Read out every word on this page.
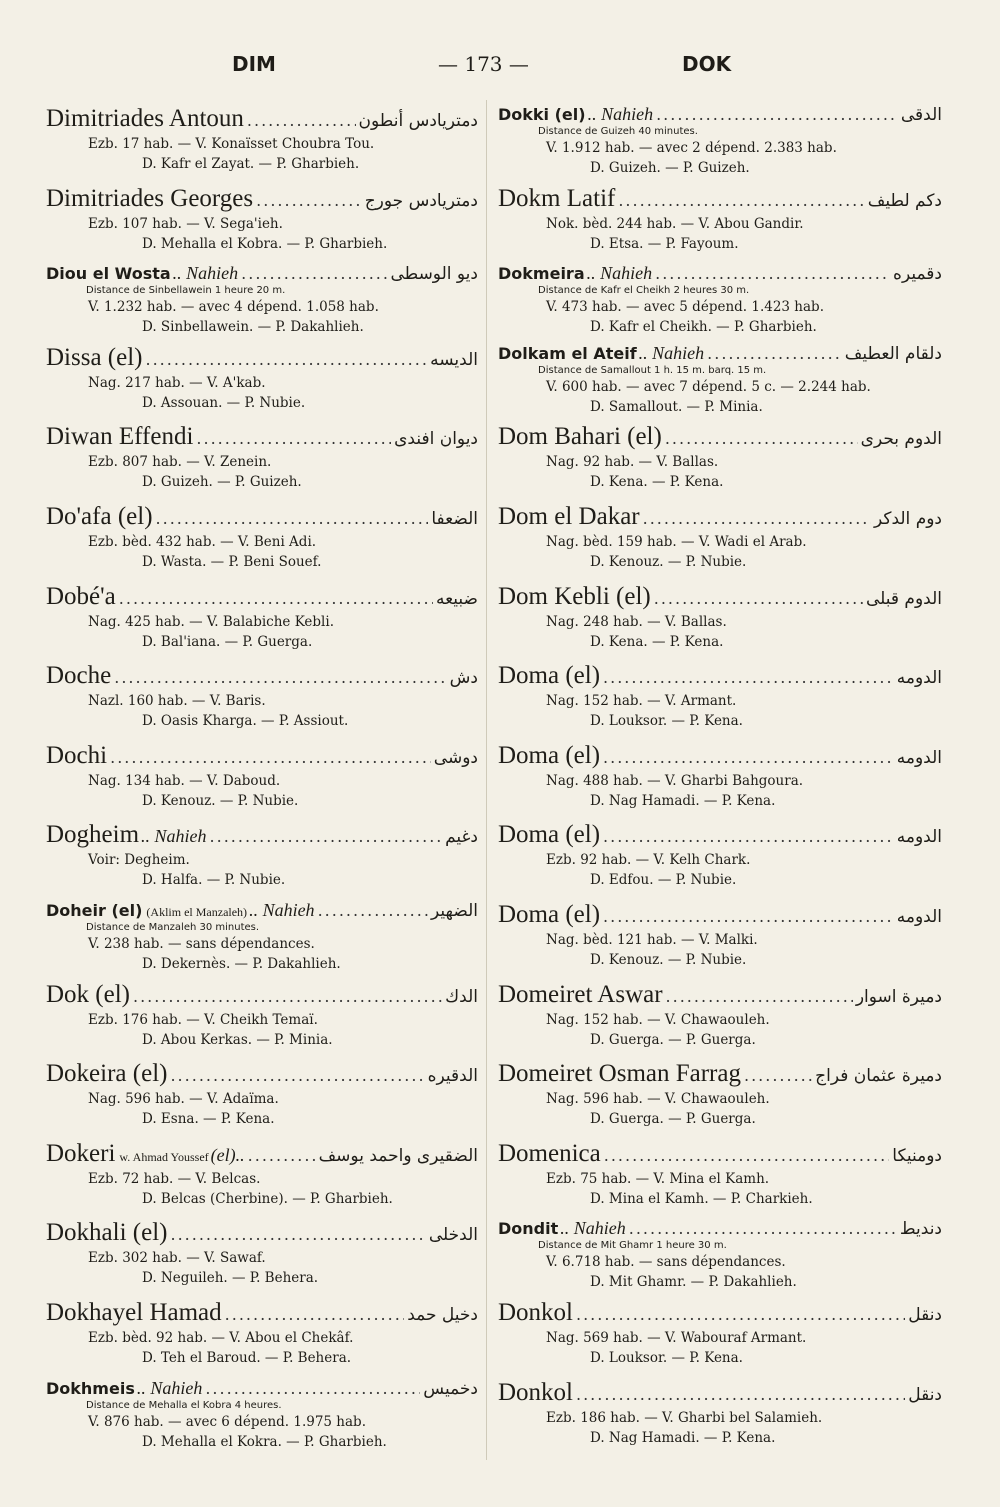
DIM	— 173 —	DOK
Dimitriades Antoun .....	دمتريادس أنطون
Ezb. 17 hab. — V. Konaïsset Choubra Tou.
D. Kafr el Zayat. — P. Gharbieh.
Dimitriades Georges .....	دمتريادس جورج
Ezb. 107 hab. — V. Sega'ieh.
D. Mehalla el Kobra. — P. Gharbieh.
Diou el Wosta .. Nahieh .....	ديو الوسطى
Distance de Sinbellawein 1 heure 20 m.
V. 1.232 hab. — avec 4 dépend. 1.058 hab.
D. Sinbellawein. — P. Dakahlieh.
Dissa (el) .....	الديسه
Nag. 217 hab. — V. A'kab.
D. Assouan. — P. Nubie.
Diwan Effendi .....	ديوان افندى
Ezb. 807 hab. — V. Zenein.
D. Guizeh. — P. Guizeh.
Do'afa (el) .....	الضعفا
Ezb. bèd. 432 hab. — V. Beni Adi.
D. Wasta. — P. Beni Souef.
Dobé'a .....	ضبيعه
Nag. 425 hab. — V. Balabiche Kebli.
D. Bal'iana. — P. Guerga.
Doche .....	دش
Nazl. 160 hab. — V. Baris.
D. Oasis Kharga. — P. Assiout.
Dochi .....	دوشى
Nag. 134 hab. — V. Daboud.
D. Kenouz. — P. Nubie.
Dogheim .. Nahieh .....	دغيم
Voir: Degheim.
D. Halfa. — P. Nubie.
Doheir (el) (Aklim el Manzaleh) .. Nahieh .....	الضهير
Distance de Manzaleh 30 minutes.
V. 238 hab. — sans dépendances.
D. Dekernès. — P. Dakahlieh.
Dok (el) .....	الدك
Ezb. 176 hab. — V. Cheikh Temaï.
D. Abou Kerkas. — P. Minia.
Dokeira (el) .....	الدقيره
Nag. 596 hab. — V. Adaïma.
D. Esna. — P. Kena.
Dokeri w. Ahmad Youssef (el).. .....	الضقيرى واحمد يوسف
Ezb. 72 hab. — V. Belcas.
D. Belcas (Cherbine). — P. Gharbieh.
Dokhali (el) .....	الدخلى
Ezb. 302 hab. — V. Sawaf.
D. Neguileh. — P. Behera.
Dokhayel Hamad .....	دخيل حمد
Ezb. bèd. 92 hab. — V. Abou el Chekâf.
D. Teh el Baroud. — P. Behera.
Dokhmeis .. Nahieh .....	دخميس
Distance de Mehalla el Kobra 4 heures.
V. 876 hab. — avec 6 dépend. 1.975 hab.
D. Mehalla el Kokra. — P. Gharbieh.
Dokki (el) .. Nahieh .....	الدقى
Distance de Guizeh 40 minutes.
V. 1.912 hab. — avec 2 dépend. 2.383 hab.
D. Guizeh. — P. Guizeh.
Dokm Latif .....	دكم لطيف
Nok. bèd. 244 hab. — V. Abou Gandir.
D. Etsa. — P. Fayoum.
Dokmeira .. Nahieh .....	دقميره
Distance de Kafr el Cheikh 2 heures 30 m.
V. 473 hab. — avec 5 dépend. 1.423 hab.
D. Kafr el Cheikh. — P. Gharbieh.
Dolkam el Ateif .. Nahieh .....	دلقام العطيف
Distance de Samallout 1 h. 15 m. barq. 15 m.
V. 600 hab. — avec 7 dépend. 5 c. — 2.244 hab.
D. Samallout. — P. Minia.
Dom Bahari (el) .....	الدوم بحرى
Nag. 92 hab. — V. Ballas.
D. Kena. — P. Kena.
Dom el Dakar .....	دوم الدكر
Nag. bèd. 159 hab. — V. Wadi el Arab.
D. Kenouz. — P. Nubie.
Dom Kebli (el) .....	الدوم قبلى
Nag. 248 hab. — V. Ballas.
D. Kena. — P. Kena.
Doma (el) .....	الدومه
Nag. 152 hab. — V. Armant.
D. Louksor. — P. Kena.
Doma (el) .....	الدومه
Nag. 488 hab. — V. Gharbi Bahgoura.
D. Nag Hamadi. — P. Kena.
Doma (el) .....	الدومه
Ezb. 92 hab. — V. Kelh Chark.
D. Edfou. — P. Nubie.
Doma (el) .....	الدومه
Nag. bèd. 121 hab. — V. Malki.
D. Kenouz. — P. Nubie.
Domeiret Aswar .....	دميرة اسوار
Nag. 152 hab. — V. Chawaouleh.
D. Guerga. — P. Guerga.
Domeiret Osman Farrag .....	دميرة عثمان فراج
Nag. 596 hab. — V. Chawaouleh.
D. Guerga. — P. Guerga.
Domenica .....	دومنيكا
Ezb. 75 hab. — V. Mina el Kamh.
D. Mina el Kamh. — P. Charkieh.
Dondit .. Nahieh .....	دنديط
Distance de Mit Ghamr 1 heure 30 m.
V. 6.718 hab. — sans dépendances.
D. Mit Ghamr. — P. Dakahlieh.
Donkol .....	دنقل
Nag. 569 hab. — V. Wabouraf Armant.
D. Louksor. — P. Kena.
Donkol .....	دنقل
Ezb. 186 hab. — V. Gharbi bel Salamieh.
D. Nag Hamadi. — P. Kena.
